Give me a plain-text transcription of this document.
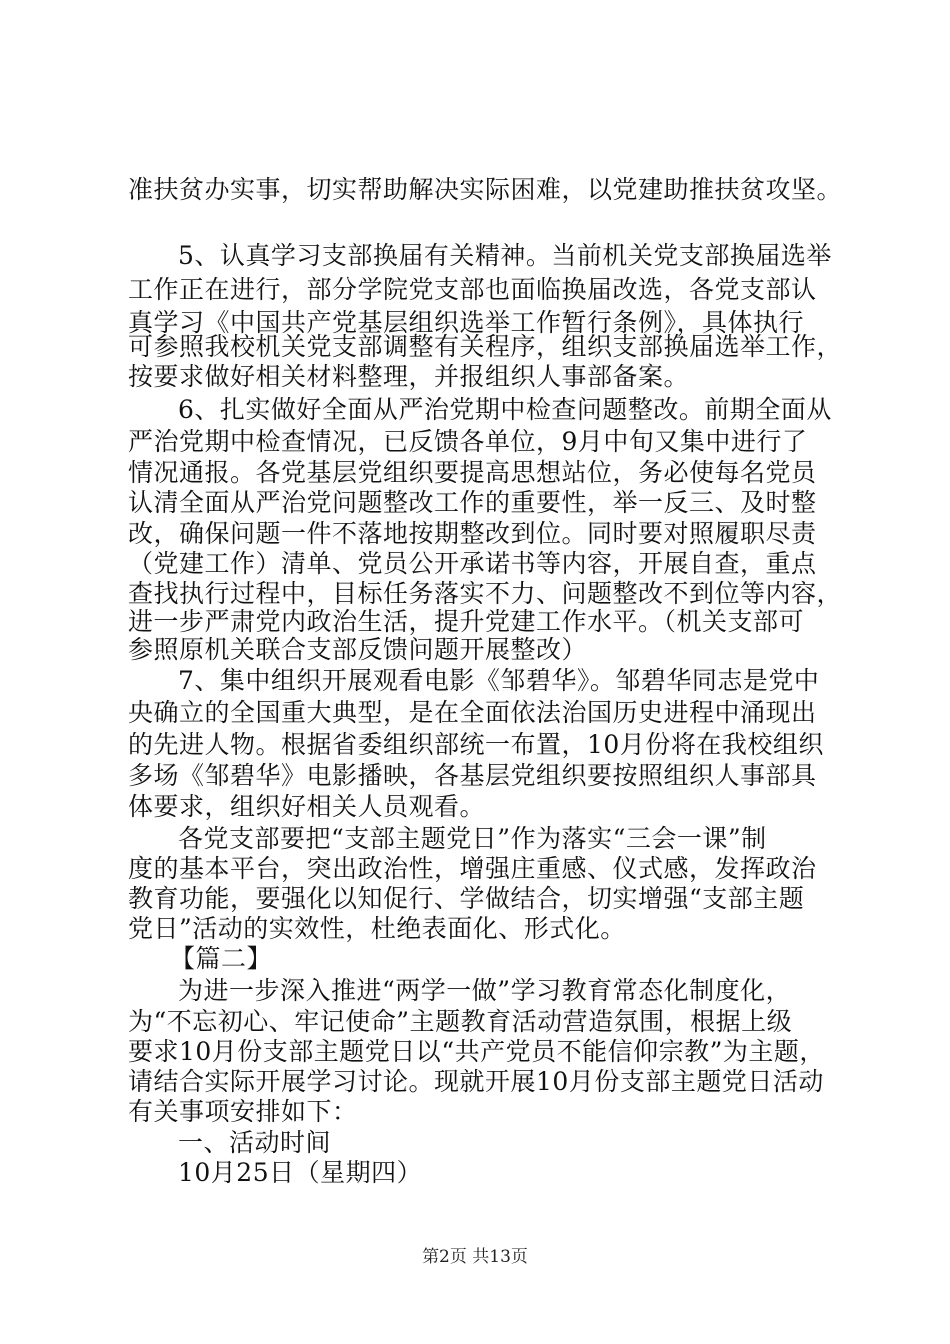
准扶贫办实事，切实帮助解决实际困难，以党建助推扶贫攻坚。
5、认真学习支部换届有关精神。当前机关党支部换届选举
工作正在进行，部分学院党支部也面临换届改选，各党支部认
真学习《中国共产党基层组织选举工作暂行条例》，具体执行
可参照我校机关党支部调整有关程序，组织支部换届选举工作，
按要求做好相关材料整理，并报组织人事部备案。
6、扎实做好全面从严治党期中检查问题整改。前期全面从
严治党期中检查情况，已反馈各单位，9月中旬又集中进行了
情况通报。各党基层党组织要提高思想站位，务必使每名党员
认清全面从严治党问题整改工作的重要性，举一反三、及时整
改，确保问题一件不落地按期整改到位。同时要对照履职尽责
（党建工作）清单、党员公开承诺书等内容，开展自查，重点
查找执行过程中，目标任务落实不力、问题整改不到位等内容，
进一步严肃党内政治生活，提升党建工作水平。（机关支部可
参照原机关联合支部反馈问题开展整改）
7、集中组织开展观看电影《邹碧华》。邹碧华同志是党中
央确立的全国重大典型，是在全面依法治国历史进程中涌现出
的先进人物。根据省委组织部统一布置，10月份将在我校组织
多场《邹碧华》电影播映，各基层党组织要按照组织人事部具
体要求，组织好相关人员观看。
各党支部要把“支部主题党日”作为落实“三会一课”制
度的基本平台，突出政治性，增强庄重感、仪式感，发挥政治
教育功能，要强化以知促行、学做结合，切实增强“支部主题
党日”活动的实效性，杜绝表面化、形式化。
【篇二】
为进一步深入推进“两学一做”学习教育常态化制度化，
为“不忘初心、牢记使命”主题教育活动营造氛围，根据上级
要求10月份支部主题党日以“共产党员不能信仰宗教”为主题，
请结合实际开展学习讨论。现就开展10月份支部主题党日活动
有关事项安排如下：
一、活动时间
10月25日（星期四）
第2页 共13页
